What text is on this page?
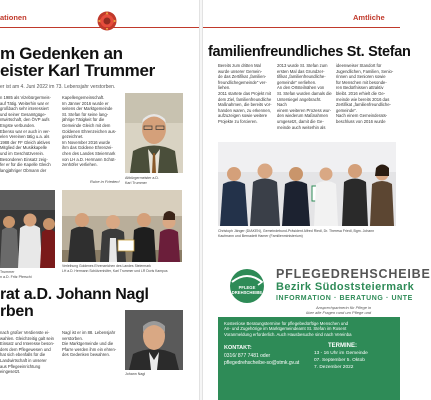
ationen
m Gedenken an
eister Karl Trummer
er ist am 4. Juni 2022 im 73. Lebensjahr verstorben.
n 1985 als Vizebürgermeis-
auf Tätig. Weiterhin war er
großbach sehr interessiert
und seiner Gesamtgüge-
ntwirtschaft, den ÖVP aufs
Engste verbunden.
Ebenso war er auch in ver-
elen Vereinen tätig u.a. als
1988 der FF Gleich aktives
Mitglied der Musikkapelle
und im Geschützverein.
Besonderen Einsatz zeig-
fer er für die Kapelle Gleich
langjähriger Obmann der
Kapellengemeinschaft.
Im Jänner 2016 wurde er
seitens der Marktgemeinde
St. Stefan für seine lang-
jährige Tätigkeit für die
Gemeinde Gleich mit dem
Goldenen Ehrenzeichen aus-
gezeichnet.
Im November 2016 wurde
ihm das Goldene Ehrenzei-
chen des Landes Steiermark
von LH a.D. Hermann Schüt-
zenhöfer verliehen.
Ruhe in Frieden!
Altbürgermeister a.D.
Karl Trummer
Trummer
n a.D. Fritz Pferschi
Verleihung Goldenes Ehrenzeichen des Landes Steiermark
LH a.D. Hermann Schützenhöfer, Karl Trummer und LR Doris Kampus
rat a.D. Johann Nagl
rben
nach großer Verdienste ei-
wahlen. Gleichzeitig galt sein
Einsatz und Interesse beson-
ders dem Pflegewesen und
hat sich ebenfalls für die
Landwirtschaft in unserer
aus Pflegeeinrichtung eingesetzt.
Nagl ist er im 88. Lebensjahr
verstorben.
Die Marktgemeinde und die
Pfarre werden ihm ein ehren-
des Gedenken bewahren.
Johann Nagl
Amtliche
familienfreundliches St. Stefan
Bereits zum dritten Mal
wurde unserer Gemein-
de das Zertifikat „familien-
freundlichegemeinde" ver-
liehen.
2011 startete das Projekt mit
dem Ziel, familienfreundliche
Maßnahmen, die bereits vor-
handen waren, zu erkennen,
aufzuzeigen sowie weitere
Projekte zu forcieren.
2013 wurde St. Stefan zum
ersten Mal das Grundzer-
tifikat „familienfreundliche-
gemeinde" verliehen.
An den Ortsteilnähen von
St. Stefan wurden damals die
Untersiegel angebracht. Nach
einem weiteren Prozess wur-
den wiederum Maßnahmen
umgesetzt, damit die Ge-
meinde auch weiterhin als
ideenweiser Standort für
Jugendlichen, Familien, Senio-
rinnen und Senioren sowie
für Menschen mit besonde-
ren Bedürfnissen attraktiv
bleibt. 2016 erhielt die Ge-
meinde wie bereits 2016 das
Zertifikat „familienfreundliche-
gemeinde".
Nach einem Gemeinderats-
beschluss von 2016 wurde
Christoph Jänger (DIAKEN), Gemeindebund-Präsident Alfred Riedl, Dr. Theresa Friedl, Bgm. Johann
Kaufmann und Bernadett Hamer (Familienministerium)
PFLEGE
DREHSCHEIBE
PFLEGEDREHSCHEIBE
Bezirk Südoststeiermark
INFORMATION · BERATUNG · UNTE
Ansprechpartnerin für Pflege in
über alle Fragen rund um Pflege und
Kostenlose Beratungstermine für pflegebedürftige Menschen und
An- und Zugehörige im Marktgemeindeamt St. Stefan im Rosent
Voranmeldung erforderlich. Auch Hausbesuche sind nach Vereinba
KONTAKT:
0316/ 877 7481 oder
pflegedrehscheibe-so@stmk.gv.at
TERMINE:
13 - 16 Uhr im Gemeinde
07. September 5. Oktob
7. Dezember 2022
